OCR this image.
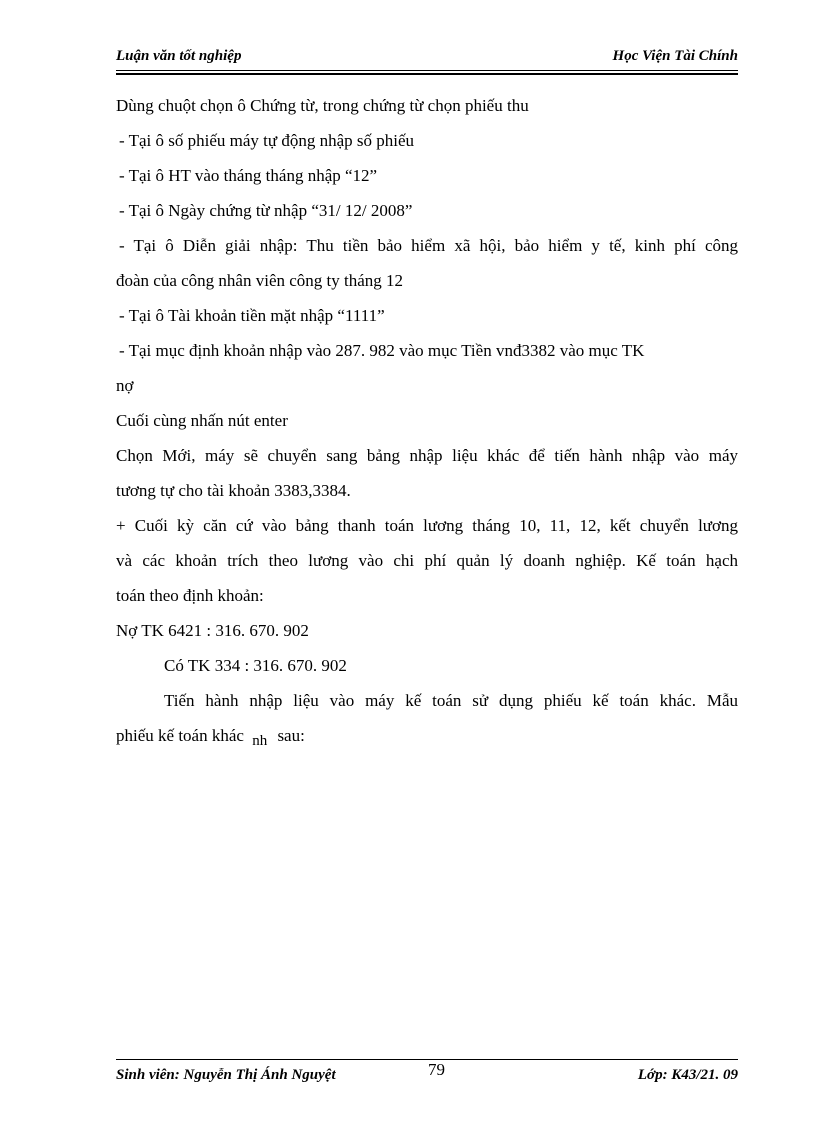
Luận văn tốt nghiệp	Học Viện Tài Chính
Dùng chuột chọn ô Chứng từ, trong chứng từ chọn phiếu thu
- Tại ô số phiếu máy tự động nhập số phiếu
- Tại ô HT vào tháng tháng nhập “12”
- Tại ô Ngày chứng từ nhập “31/ 12/ 2008”
- Tại ô Diễn giải nhập: Thu tiền bảo hiểm xã hội, bảo hiểm y tế, kinh phí công
đoàn của công nhân viên công ty tháng 12
- Tại ô Tài khoản tiền mặt nhập “1111”
- Tại mục định khoản nhập vào 287. 982 vào mục Tiền vnđ3382 vào mục TK
nợ
Cuối cùng nhấn nút enter
Chọn Mới, máy sẽ chuyển sang bảng nhập liệu khác để tiến hành nhập vào máy
tương tự cho tài khoản 3383,3384.
+ Cuối kỳ căn cứ vào bảng thanh toán lương tháng 10, 11, 12, kết chuyển lương
và các khoản trích theo lương vào chi phí quản lý doanh nghiệp. Kế toán hạch
toán theo định khoản:
Nợ TK 6421 : 316. 670. 902
Có TK 334 : 316. 670. 902
Tiến hành nhập liệu vào máy kế toán sử dụng phiếu kế toán khác. Mẫu
phiếu kế toán khác nh sau:
Sinh viên: Nguyễn Thị Ánh Nguyệt	79	Lớp: K43/21. 09
